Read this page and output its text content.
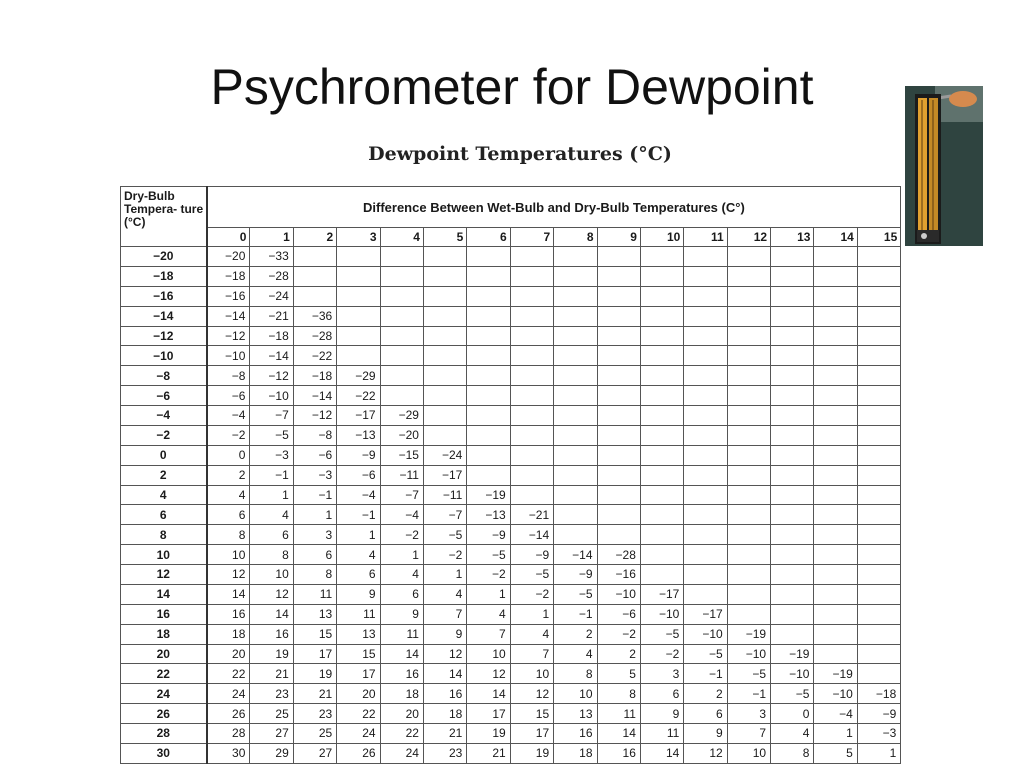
Psychrometer for Dewpoint
Dewpoint Temperatures (°C)
Dry-Bulb Tempera- ture (°C)	Difference Between Wet-Bulb and Dry-Bulb Temperatures (C°)															
	0	1	2	3	4	5	6	7	8	9	10	11	12	13	14	15
−20	−20	−33														
−18	−18	−28														
−16	−16	−24														
−14	−14	−21	−36													
−12	−12	−18	−28													
−10	−10	−14	−22													
−8	−8	−12	−18	−29												
−6	−6	−10	−14	−22												
−4	−4	−7	−12	−17	−29											
−2	−2	−5	−8	−13	−20											
0	0	−3	−6	−9	−15	−24										
2	2	−1	−3	−6	−11	−17										
4	4	1	−1	−4	−7	−11	−19									
6	6	4	1	−1	−4	−7	−13	−21								
8	8	6	3	1	−2	−5	−9	−14								
10	10	8	6	4	1	−2	−5	−9	−14	−28						
12	12	10	8	6	4	1	−2	−5	−9	−16						
14	14	12	11	9	6	4	1	−2	−5	−10	−17					
16	16	14	13	11	9	7	4	1	−1	−6	−10	−17				
18	18	16	15	13	11	9	7	4	2	−2	−5	−10	−19			
20	20	19	17	15	14	12	10	7	4	2	−2	−5	−10	−19		
22	22	21	19	17	16	14	12	10	8	5	3	−1	−5	−10	−19	
24	24	23	21	20	18	16	14	12	10	8	6	2	−1	−5	−10	−18
26	26	25	23	22	20	18	17	15	13	11	9	6	3	0	−4	−9
28	28	27	25	24	22	21	19	17	16	14	11	9	7	4	1	−3
30	30	29	27	26	24	23	21	19	18	16	14	12	10	8	5	1
